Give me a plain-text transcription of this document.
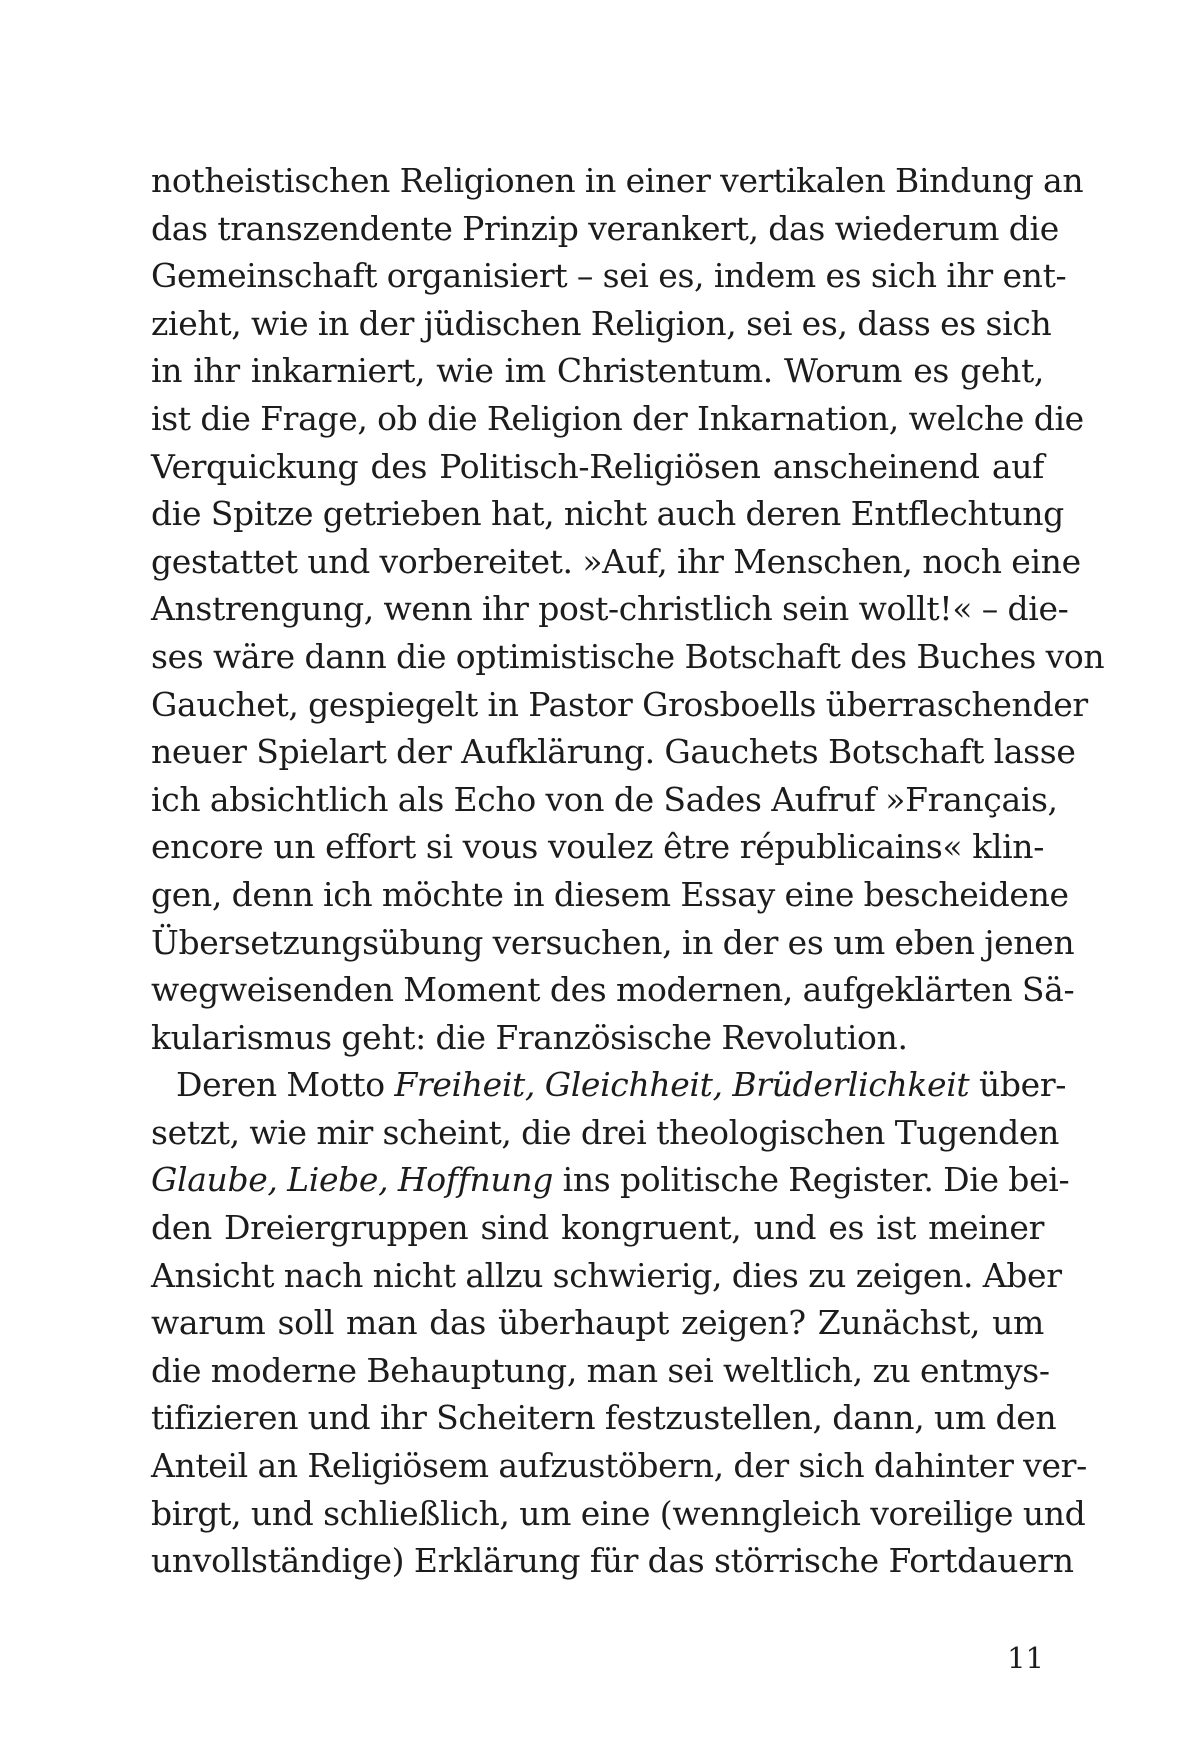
notheistischen Religionen in einer vertikalen Bindung an
das transzendente Prinzip verankert, das wiederum die
Gemeinschaft organisiert – sei es, indem es sich ihr ent-
zieht, wie in der jüdischen Religion, sei es, dass es sich
in ihr inkarniert, wie im Christentum. Worum es geht,
ist die Frage, ob die Religion der Inkarnation, welche die
Verquickung des Politisch-Religiösen anscheinend auf
die Spitze getrieben hat, nicht auch deren Entflechtung
gestattet und vorbereitet. »Auf, ihr Menschen, noch eine
Anstrengung, wenn ihr post-christlich sein wollt!« – die-
ses wäre dann die optimistische Botschaft des Buches von
Gauchet, gespiegelt in Pastor Grosboells überraschender
neuer Spielart der Aufklärung. Gauchets Botschaft lasse
ich absichtlich als Echo von de Sades Aufruf »Français,
encore un effort si vous voulez être républicains« klin-
gen, denn ich möchte in diesem Essay eine bescheidene
Übersetzungsübung versuchen, in der es um eben jenen
wegweisenden Moment des modernen, aufgeklärten Sä-
kularismus geht: die Französische Revolution.
Deren Motto Freiheit, Gleichheit, Brüderlichkeit über-
setzt, wie mir scheint, die drei theologischen Tugenden
Glaube, Liebe, Hoffnung ins politische Register. Die bei-
den Dreiergruppen sind kongruent, und es ist meiner
Ansicht nach nicht allzu schwierig, dies zu zeigen. Aber
warum soll man das überhaupt zeigen? Zunächst, um
die moderne Behauptung, man sei weltlich, zu entmys-
tifizieren und ihr Scheitern festzustellen, dann, um den
Anteil an Religiösem aufzustöbern, der sich dahinter ver-
birgt, und schließlich, um eine (wenngleich voreilige und
unvollständige) Erklärung für das störrische Fortdauern
11
